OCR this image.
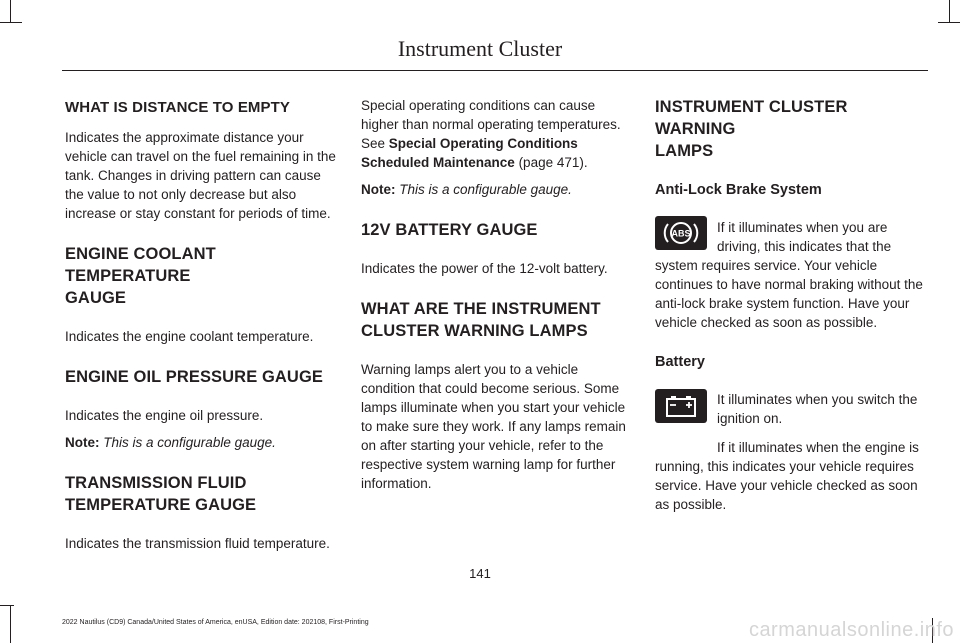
Instrument Cluster
WHAT IS DISTANCE TO EMPTY

Indicates the approximate distance your vehicle can travel on the fuel remaining in the tank. Changes in driving pattern can cause the value to not only decrease but also increase or stay constant for periods of time.

ENGINE COOLANT TEMPERATURE
GAUGE

Indicates the engine coolant temperature.

ENGINE OIL PRESSURE GAUGE

Indicates the engine oil pressure.

Note: This is a configurable gauge.

TRANSMISSION FLUID
TEMPERATURE GAUGE

Indicates the transmission fluid temperature.

Special operating conditions can cause higher than normal operating temperatures. See Special Operating Conditions Scheduled Maintenance (page 471).

Note: This is a configurable gauge.

12V BATTERY GAUGE

Indicates the power of the 12-volt battery.

WHAT ARE THE INSTRUMENT
CLUSTER WARNING LAMPS

Warning lamps alert you to a vehicle condition that could become serious. Some lamps illuminate when you start your vehicle to make sure they work. If any lamps remain on after starting your vehicle, refer to the respective system warning lamp for further information.

INSTRUMENT CLUSTER WARNING
LAMPS
Anti-Lock Brake System
ABS	If it illuminates when you are driving, this indicates that the system requires service. Your vehicle continues to have normal braking without the anti-lock brake system function. Have your vehicle checked as soon as possible.

Battery

It illuminates when you switch the ignition on.

If it illuminates when the engine is running, this indicates your vehicle requires service. Have your vehicle checked as soon as possible.

141
2022 Nautilus (CD9) Canada/United States of America, enUSA, Edition date: 202108, First-Printing	carmanualsonline.info
